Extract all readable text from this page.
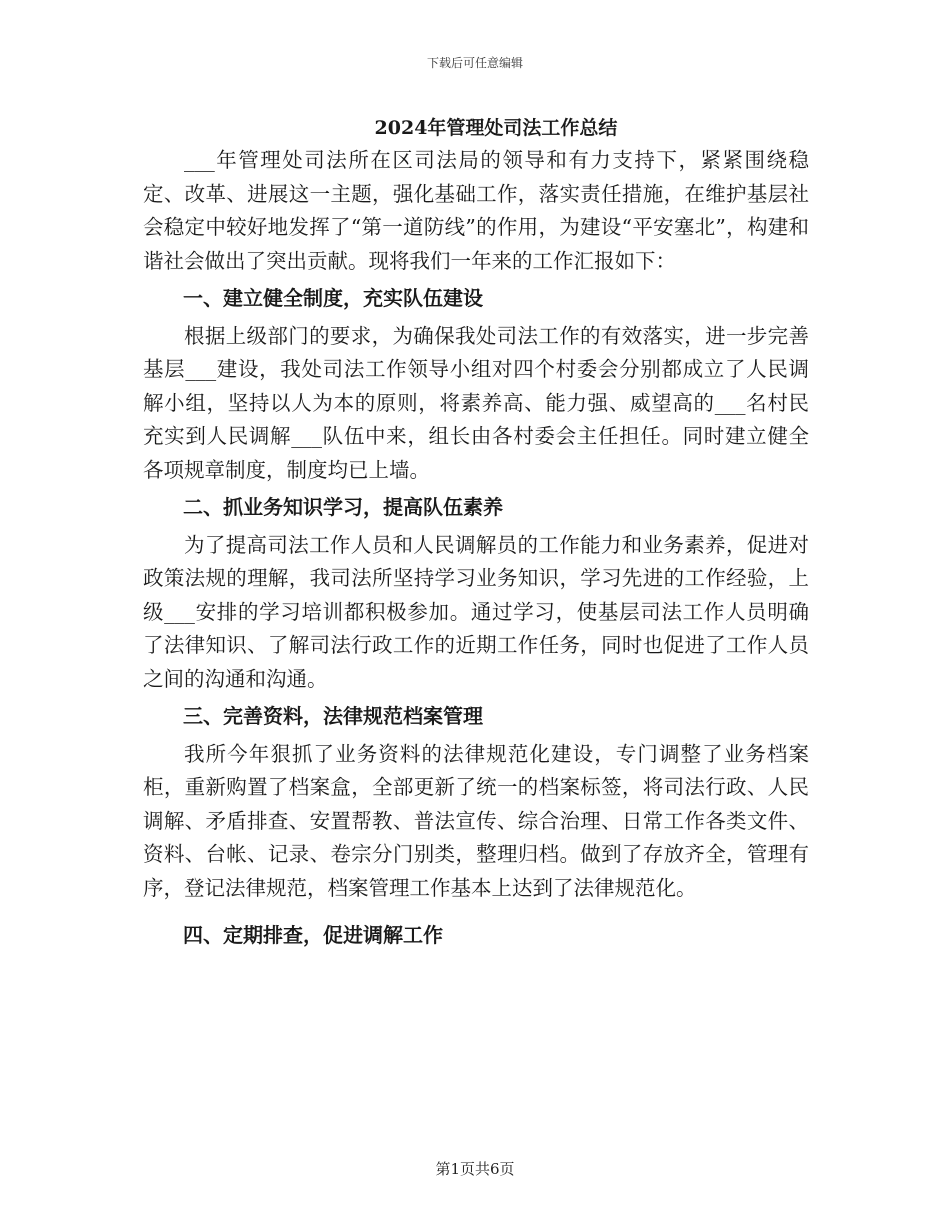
下载后可任意编辑
2024年管理处司法工作总结

___年管理处司法所在区司法局的领导和有力支持下，紧紧围绕稳定、改革、进展这一主题，强化基础工作，落实责任措施，在维护基层社会稳定中较好地发挥了“第一道防线”的作用，为建设“平安塞北”，构建和谐社会做出了突出贡献。现将我们一年来的工作汇报如下：

一、建立健全制度，充实队伍建设

根据上级部门的要求，为确保我处司法工作的有效落实，进一步完善基层___建设，我处司法工作领导小组对四个村委会分别都成立了人民调解小组，坚持以人为本的原则，将素养高、能力强、威望高的___名村民充实到人民调解___队伍中来，组长由各村委会主任担任。同时建立健全各项规章制度，制度均已上墙。

二、抓业务知识学习，提高队伍素养

为了提高司法工作人员和人民调解员的工作能力和业务素养，促进对政策法规的理解，我司法所坚持学习业务知识，学习先进的工作经验，上级___安排的学习培训都积极参加。通过学习，使基层司法工作人员明确了法律知识、了解司法行政工作的近期工作任务，同时也促进了工作人员之间的沟通和沟通。

三、完善资料，法律规范档案管理

我所今年狠抓了业务资料的法律规范化建设，专门调整了业务档案柜，重新购置了档案盒，全部更新了统一的档案标签，将司法行政、人民调解、矛盾排查、安置帮教、普法宣传、综合治理、日常工作各类文件、资料、台帐、记录、卷宗分门别类，整理归档。做到了存放齐全，管理有序，登记法律规范，档案管理工作基本上达到了法律规范化。

四、定期排查，促进调解工作
第1页共6页
